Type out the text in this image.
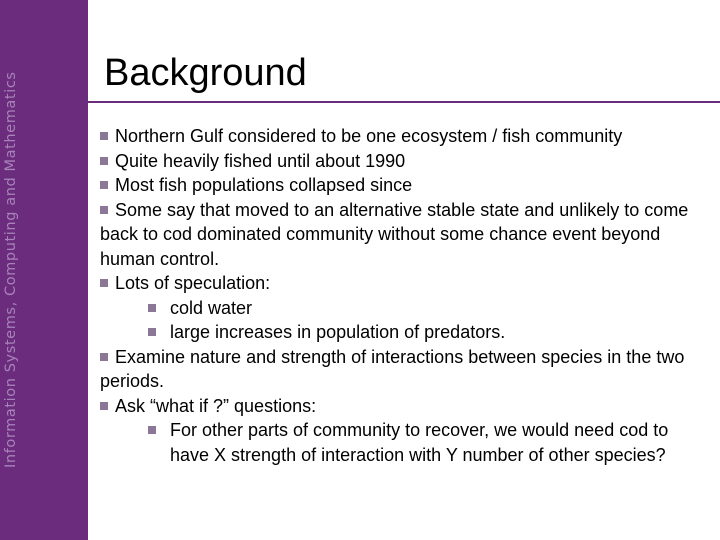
Information Systems, Computing and Mathematics Background

Northern Gulf considered to be one ecosystem / fish community

Quite heavily fished until about 1990

Most fish populations collapsed since

Some say that moved to an alternative stable state and unlikely to come back to cod dominated community without some chance event beyond human control.

Lots of speculation:

cold water

large increases in population of predators.

Examine nature and strength of interactions between species in the two periods.

Ask “what if ?” questions:

For other parts of community to recover, we would need cod to have X strength of interaction with Y number of other species?
